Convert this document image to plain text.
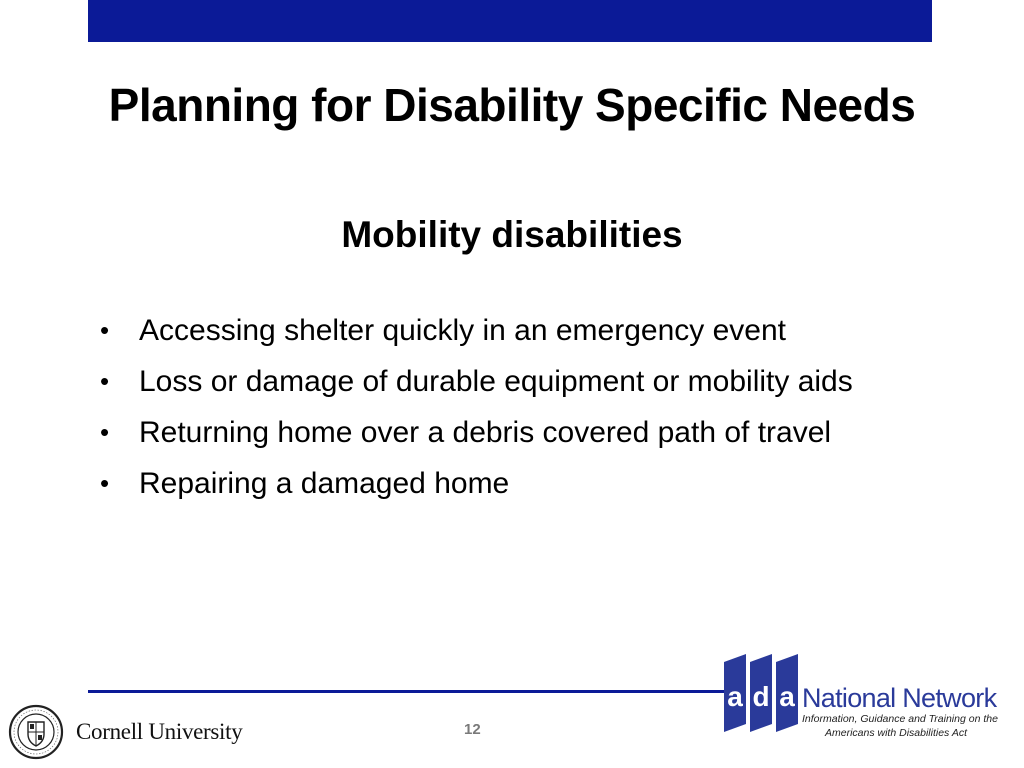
Planning for Disability Specific Needs
Mobility disabilities
• Accessing shelter quickly in an emergency event
• Loss or damage of durable equipment or mobility aids
• Returning home over a debris covered path of travel
• Repairing a damaged home
Cornell University	12
a d a National Network
Information, Guidance and Training on the
Americans with Disabilities Act
